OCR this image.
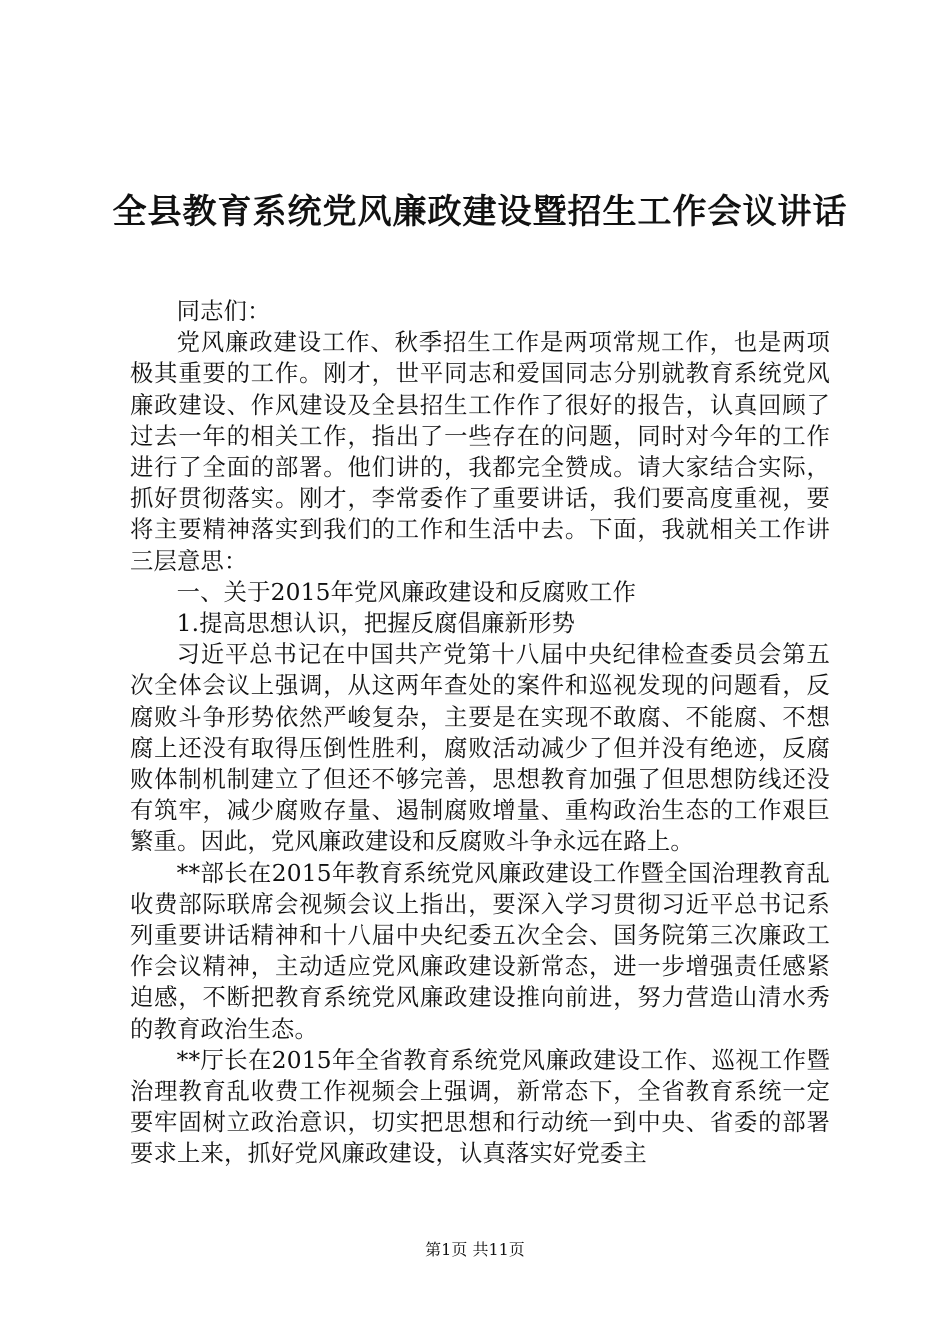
全县教育系统党风廉政建设暨招生工作会议讲话

同志们：

党风廉政建设工作、秋季招生工作是两项常规工作，也是两项极其重要的工作。刚才，世平同志和爱国同志分别就教育系统党风廉政建设、作风建设及全县招生工作作了很好的报告，认真回顾了过去一年的相关工作，指出了一些存在的问题，同时对今年的工作进行了全面的部署。他们讲的，我都完全赞成。请大家结合实际，抓好贯彻落实。刚才，李常委作了重要讲话，我们要高度重视，要将主要精神落实到我们的工作和生活中去。下面，我就相关工作讲三层意思：

一、关于2015年党风廉政建设和反腐败工作

1.提高思想认识，把握反腐倡廉新形势

习近平总书记在中国共产党第十八届中央纪律检查委员会第五次全体会议上强调，从这两年查处的案件和巡视发现的问题看，反腐败斗争形势依然严峻复杂，主要是在实现不敢腐、不能腐、不想腐上还没有取得压倒性胜利，腐败活动减少了但并没有绝迹，反腐败体制机制建立了但还不够完善，思想教育加强了但思想防线还没有筑牢，减少腐败存量、遏制腐败增量、重构政治生态的工作艰巨繁重。因此，党风廉政建设和反腐败斗争永远在路上。

**部长在2015年教育系统党风廉政建设工作暨全国治理教育乱收费部际联席会视频会议上指出，要深入学习贯彻习近平总书记系列重要讲话精神和十八届中央纪委五次全会、国务院第三次廉政工作会议精神，主动适应党风廉政建设新常态，进一步增强责任感紧迫感，不断把教育系统党风廉政建设推向前进，努力营造山清水秀的教育政治生态。

**厅长在2015年全省教育系统党风廉政建设工作、巡视工作暨治理教育乱收费工作视频会上强调，新常态下，全省教育系统一定要牢固树立政治意识，切实把思想和行动统一到中央、省委的部署要求上来，抓好党风廉政建设，认真落实好党委主

第1页 共11页
